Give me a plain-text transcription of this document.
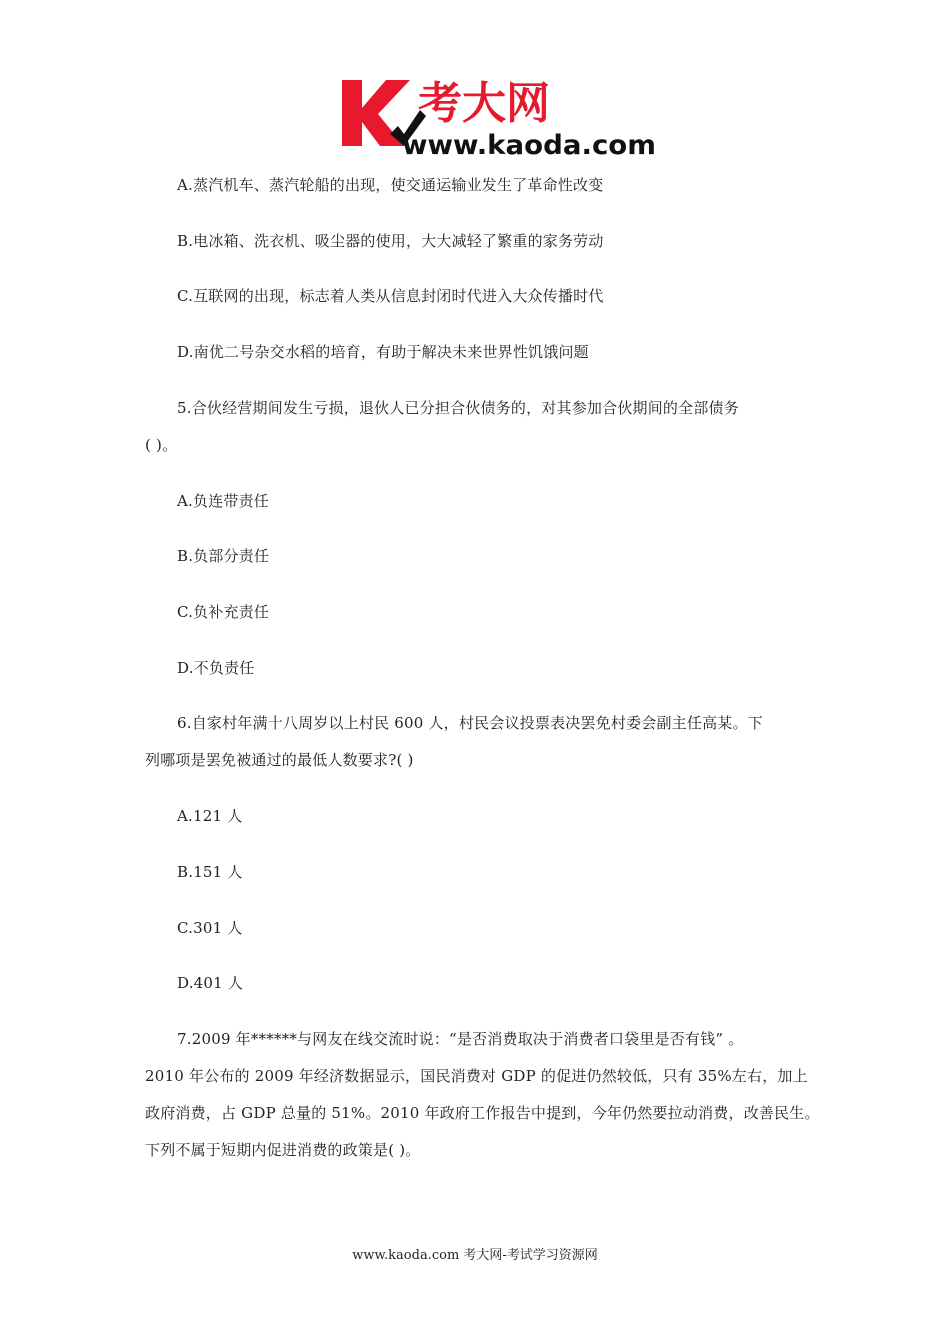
考大网
www.kaoda.com
A.蒸汽机车、蒸汽轮船的出现，使交通运输业发生了革命性改变
B.电冰箱、洗衣机、吸尘器的使用，大大减轻了繁重的家务劳动
C.互联网的出现，标志着人类从信息封闭时代进入大众传播时代
D.南优二号杂交水稻的培育，有助于解决未来世界性饥饿问题
5.合伙经营期间发生亏损，退伙人已分担合伙债务的，对其参加合伙期间的全部债务
( )。
A.负连带责任
B.负部分责任
C.负补充责任
D.不负责任
6.自家村年满十八周岁以上村民 600 人，村民会议投票表决罢免村委会副主任高某。下
列哪项是罢免被通过的最低人数要求?( )
A.121 人
B.151 人
C.301 人
D.401 人
7.2009 年******与网友在线交流时说：“是否消费取决于消费者口袋里是否有钱” 。
2010 年公布的 2009 年经济数据显示，国民消费对 GDP 的促进仍然较低，只有 35%左右，加上
政府消费，占 GDP 总量的 51%。2010 年政府工作报告中提到，今年仍然要拉动消费，改善民生。
下列不属于短期内促进消费的政策是( )。
www.kaoda.com 考大网-考试学习资源网
